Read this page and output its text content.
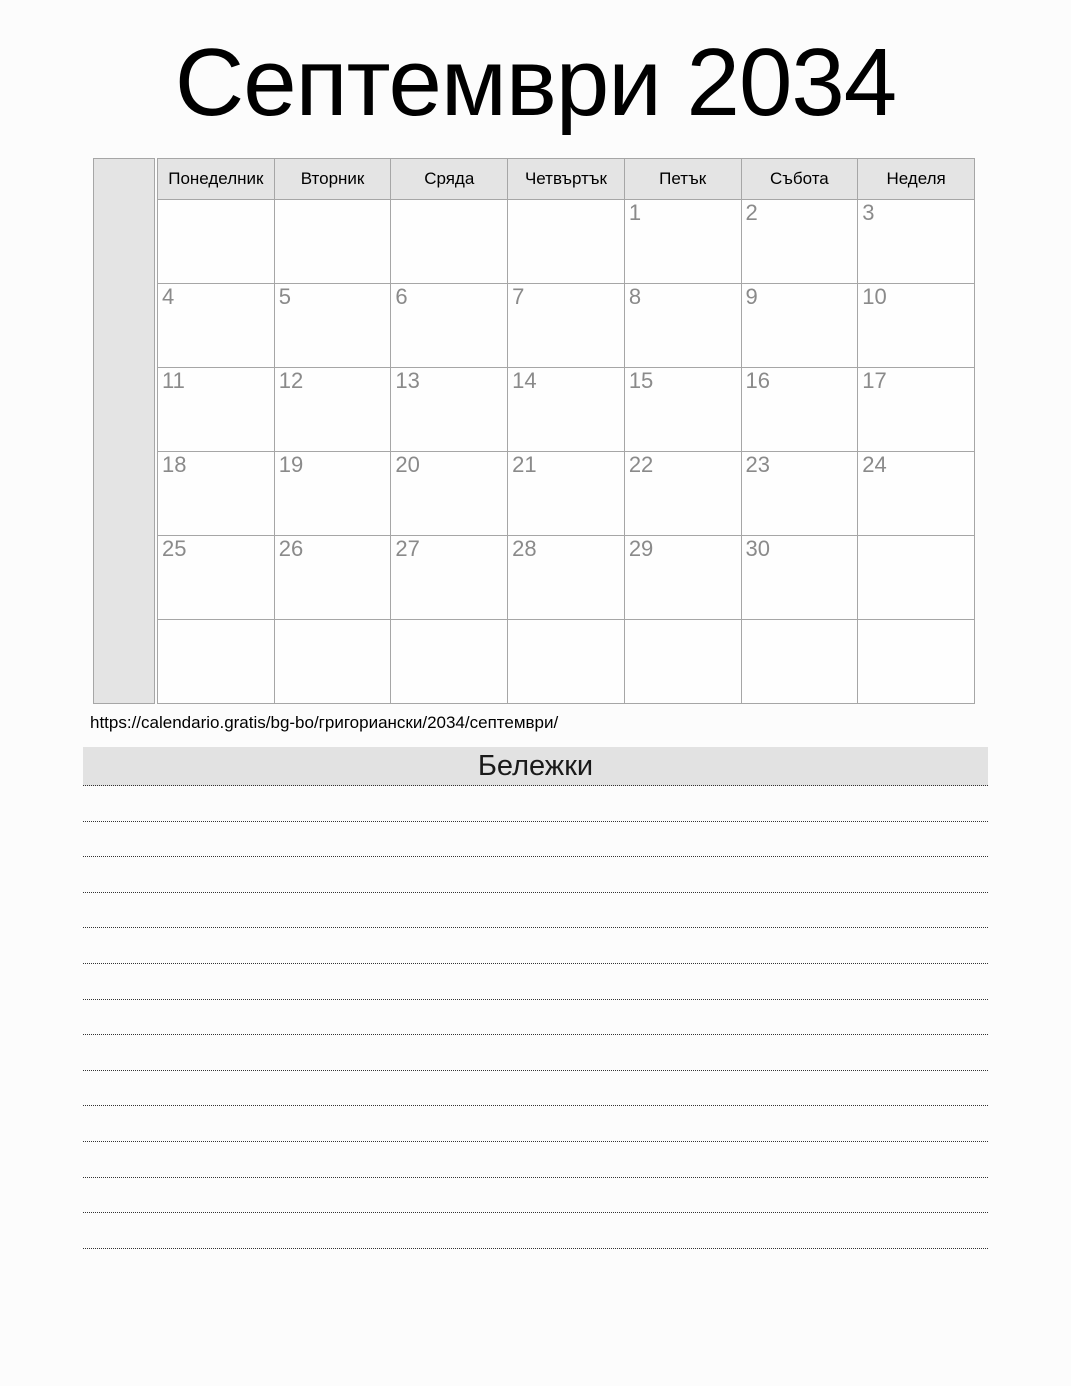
Септември 2034
Понеделник	Вторник	Сряда	Четвъртък	Петък	Събота	Неделя
				1	2	3
4	5	6	7	8	9	10
11	12	13	14	15	16	17
18	19	20	21	22	23	24
25	26	27	28	29	30	

https://calendario.gratis/bg-bo/григориански/2034/септември/
Бележки
